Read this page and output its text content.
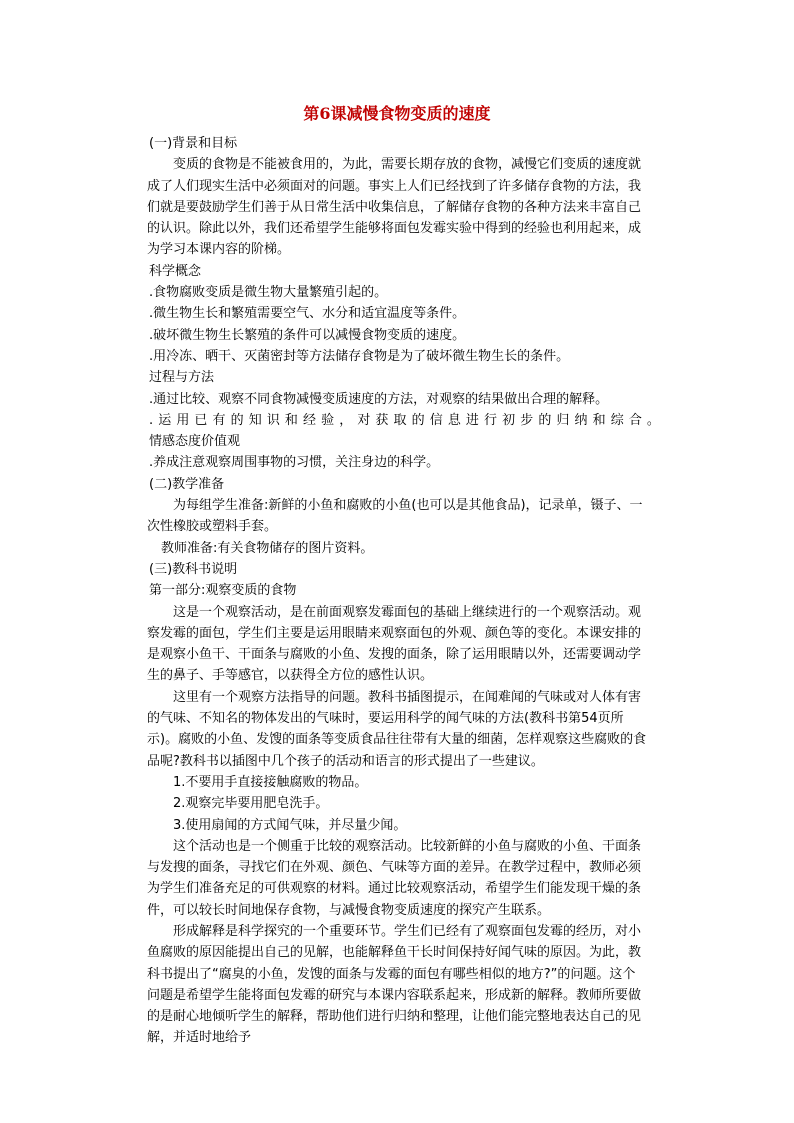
第6课减慢食物变质的速度

(一)背景和目标

变质的食物是不能被食用的，为此，需要长期存放的食物，减慢它们变质的速度就成了人们现实生活中必须面对的问题。事实上人们已经找到了许多储存食物的方法，我们就是要鼓励学生们善于从日常生活中收集信息，了解储存食物的各种方法来丰富自己的认识。除此以外，我们还希望学生能够将面包发霉实验中得到的经验也利用起来，成为学习本课内容的阶梯。

科学概念

.食物腐败变质是微生物大量繁殖引起的。

.微生物生长和繁殖需要空气、水分和适宜温度等条件。

.破坏微生物生长繁殖的条件可以减慢食物变质的速度。

.用冷冻、晒干、灭菌密封等方法储存食物是为了破坏微生物生长的条件。

过程与方法

.通过比较、观察不同食物减慢变质速度的方法，对观察的结果做出合理的解释。

.运用已有的知识和经验，对获取的信息进行初步的归纳和综合。

情感态度价值观

.养成注意观察周围事物的习惯，关注身边的科学。

(二)教学准备

为每组学生准备:新鲜的小鱼和腐败的小鱼(也可以是其他食品)，记录单，镊子、一次性橡胶或塑料手套。

教师准备:有关食物储存的图片资料。

(三)教科书说明

第一部分:观察变质的食物

这是一个观察活动，是在前面观察发霉面包的基础上继续进行的一个观察活动。观察发霉的面包，学生们主要是运用眼睛来观察面包的外观、颜色等的变化。本课安排的是观察小鱼干、干面条与腐败的小鱼、发搜的面条，除了运用眼睛以外，还需要调动学生的鼻子、手等感官，以获得全方位的感性认识。

这里有一个观察方法指导的问题。教科书插图提示，在闻难闻的气味或对人体有害的气味、不知名的物体发出的气味时，要运用科学的闻气味的方法(教科书第54页所示)。腐败的小鱼、发馊的面条等变质食品往往带有大量的细菌，怎样观察这些腐败的食品呢?教科书以插图中几个孩子的活动和语言的形式提出了一些建议。

1.不要用手直接接触腐败的物品。

2.观察完毕要用肥皂洗手。

3.使用扇闻的方式闻气味，并尽量少闻。

这个活动也是一个侧重于比较的观察活动。比较新鲜的小鱼与腐败的小鱼、干面条与发搜的面条，寻找它们在外观、颜色、气味等方面的差异。在教学过程中，教师必须为学生们准备充足的可供观察的材料。通过比较观察活动，希望学生们能发现干燥的条件，可以较长时间地保存食物，与减慢食物变质速度的探究产生联系。

形成解释是科学探究的一个重要环节。学生们已经有了观察面包发霉的经历，对小鱼腐败的原因能提出自己的见解，也能解释鱼干长时间保持好闻气味的原因。为此，教科书提出了“腐臭的小鱼，发馊的面条与发霉的面包有哪些相似的地方?”的问题。这个问题是希望学生能将面包发霉的研究与本课内容联系起来，形成新的解释。教师所要做的是耐心地倾听学生的解释，帮助他们进行归纳和整理，让他们能完整地表达自己的见解，并适时地给予
